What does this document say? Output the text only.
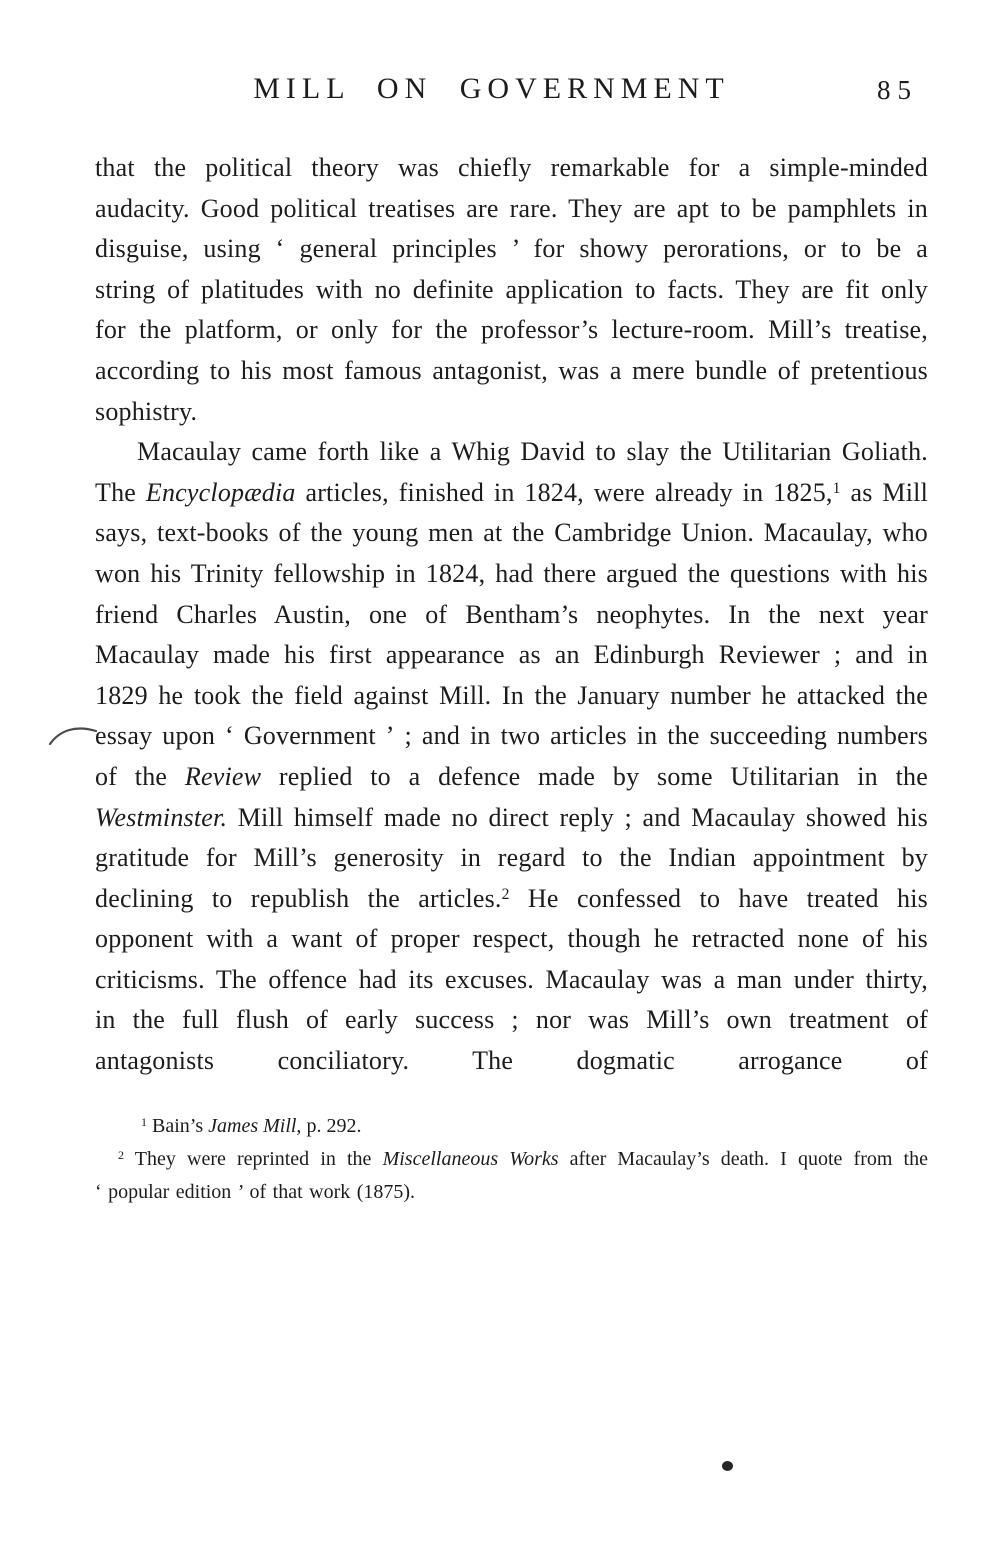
MILL ON GOVERNMENT	85

that the political theory was chiefly remarkable for a simple-minded audacity. Good political treatises are rare. They are apt to be pamphlets in disguise, using ‘ general principles ’ for showy perorations, or to be a string of platitudes with no definite application to facts. They are fit only for the platform, or only for the professor’s lecture-room. Mill’s treatise, according to his most famous antagonist, was a mere bundle of pretentious sophistry.

Macaulay came forth like a Whig David to slay the Utilitarian Goliath. The Encyclopædia articles, finished in 1824, were already in 1825,$^1$ as Mill says, text-books of the young men at the Cambridge Union. Macaulay, who won his Trinity fellowship in 1824, had there argued the questions with his friend Charles Austin, one of Bentham’s neophytes. In the next year Macaulay made his first appearance as an Edinburgh Reviewer ; and in 1829 he took the field against Mill. In the January number he attacked the essay upon ‘ Government ’ ; and in two articles in the succeeding numbers of the Review replied to a defence made by some Utilitarian in the Westminster. Mill himself made no direct reply ; and Macaulay showed his gratitude for Mill’s generosity in regard to the Indian appointment by declining to republish the articles.$^2$ He confessed to have treated his opponent with a want of proper respect, though he retracted none of his criticisms. The offence had its excuses. Macaulay was a man under thirty, in the full flush of early success ; nor was Mill’s own treatment of antagonists conciliatory. The dogmatic arrogance of

$^1$ Bain’s James Mill, p. 292.

$^2$ They were reprinted in the Miscellaneous Works after Macaulay’s death. I quote from the ‘ popular edition ’ of that work (1875).
